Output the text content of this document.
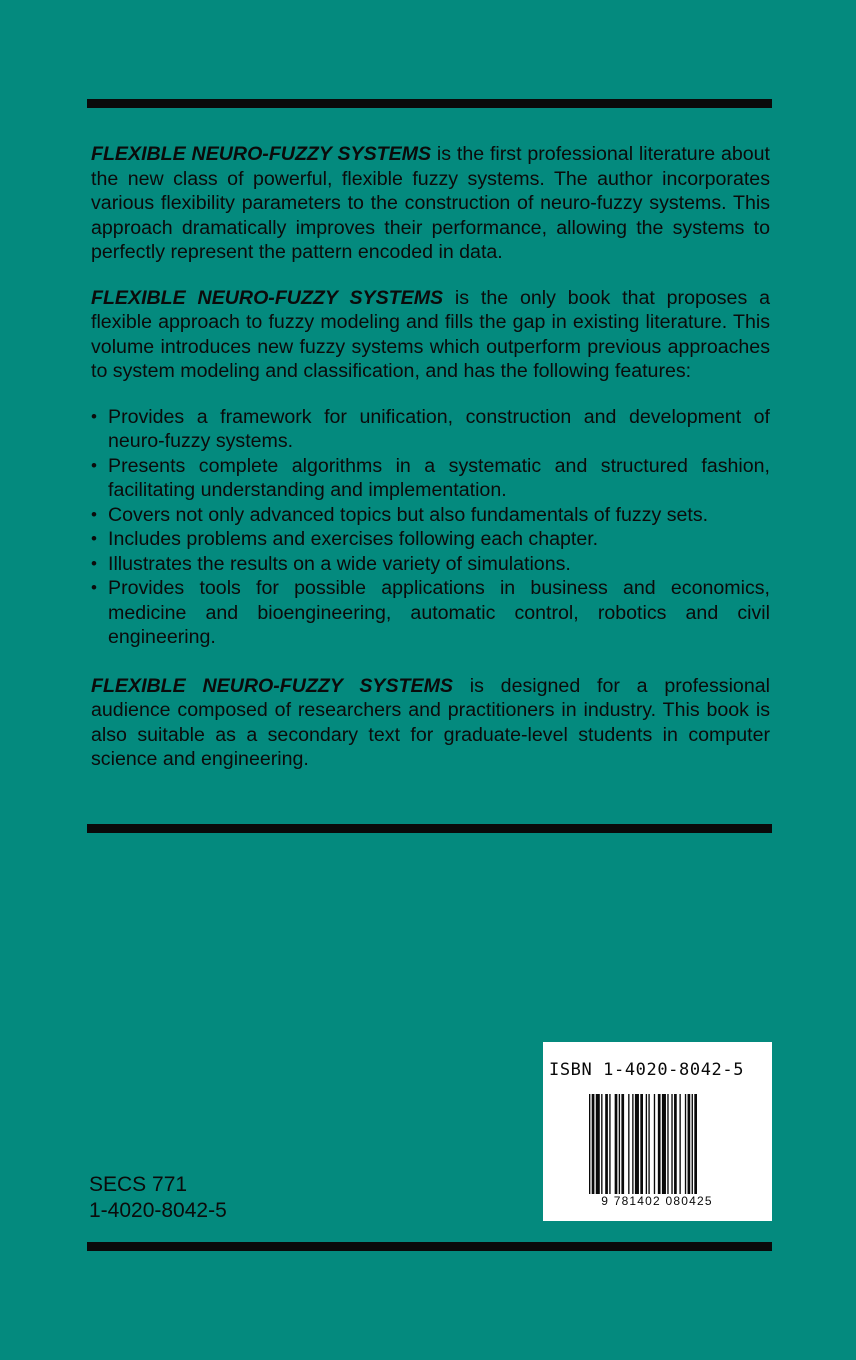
FLEXIBLE NEURO-FUZZY SYSTEMS is the first professional literature about the new class of powerful, flexible fuzzy systems. The author incorporates various flexibility parameters to the construction of neuro-fuzzy systems. This approach dramatically improves their performance, allowing the systems to perfectly represent the pattern encoded in data.

FLEXIBLE NEURO-FUZZY SYSTEMS is the only book that proposes a flexible approach to fuzzy modeling and fills the gap in existing literature. This volume introduces new fuzzy systems which outperform previous approaches to system modeling and classification, and has the following features:

• Provides a framework for unification, construction and development of neuro-fuzzy systems.
• Presents complete algorithms in a systematic and structured fashion, facilitating understanding and implementation.
• Covers not only advanced topics but also fundamentals of fuzzy sets.
• Includes problems and exercises following each chapter.
• Illustrates the results on a wide variety of simulations.
• Provides tools for possible applications in business and economics, medicine and bioengineering, automatic control, robotics and civil engineering.

FLEXIBLE NEURO-FUZZY SYSTEMS is designed for a professional audience composed of researchers and practitioners in industry. This book is also suitable as a secondary text for graduate-level students in computer science and engineering.

SECS 771
1-4020-8042-5
ISBN 1-4020-8042-5
9 781402 080425
